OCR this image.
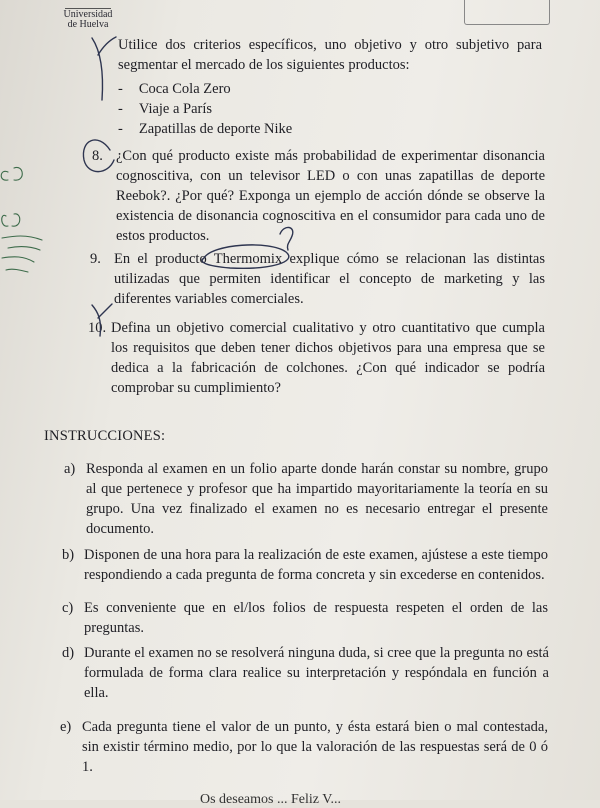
Universidad
de Huelva

Utilice dos criterios específicos, uno objetivo y otro subjetivo para segmentar el mercado de los siguientes productos:

- Coca Cola Zero
- Viaje a París
- Zapatillas de deporte Nike
8. ¿Con qué producto existe más probabilidad de experimentar disonancia cognoscitiva, con un televisor LED o con unas zapatillas de deporte Reebok?. ¿Por qué? Exponga un ejemplo de acción dónde se observe la existencia de disonancia cognoscitiva en el consumidor para cada uno de estos productos.

9. En el producto Thermomix explique cómo se relacionan las distintas utilizadas que permiten identificar el concepto de marketing y las diferentes variables comerciales.

10. Defina un objetivo comercial cualitativo y otro cuantitativo que cumpla los requisitos que deben tener dichos objetivos para una empresa que se dedica a la fabricación de colchones. ¿Con qué indicador se podría comprobar su cumplimiento?

INSTRUCCIONES:
a) Responda al examen en un folio aparte donde harán constar su nombre, grupo al que pertenece y profesor que ha impartido mayoritariamente la teoría en su grupo. Una vez finalizado el examen no es necesario entregar el presente documento.

b) Disponen de una hora para la realización de este examen, ajústese a este tiempo respondiendo a cada pregunta de forma concreta y sin excederse en contenidos.

c) Es conveniente que en el/los folios de respuesta respeten el orden de las preguntas.

d) Durante el examen no se resolverá ninguna duda, si cree que la pregunta no está formulada de forma clara realice su interpretación y respóndala en función a ella.

e) Cada pregunta tiene el valor de un punto, y ésta estará bien o mal contestada, sin existir término medio, por lo que la valoración de las respuestas será de 0 ó 1.

Os deseamos ... Feliz V...
